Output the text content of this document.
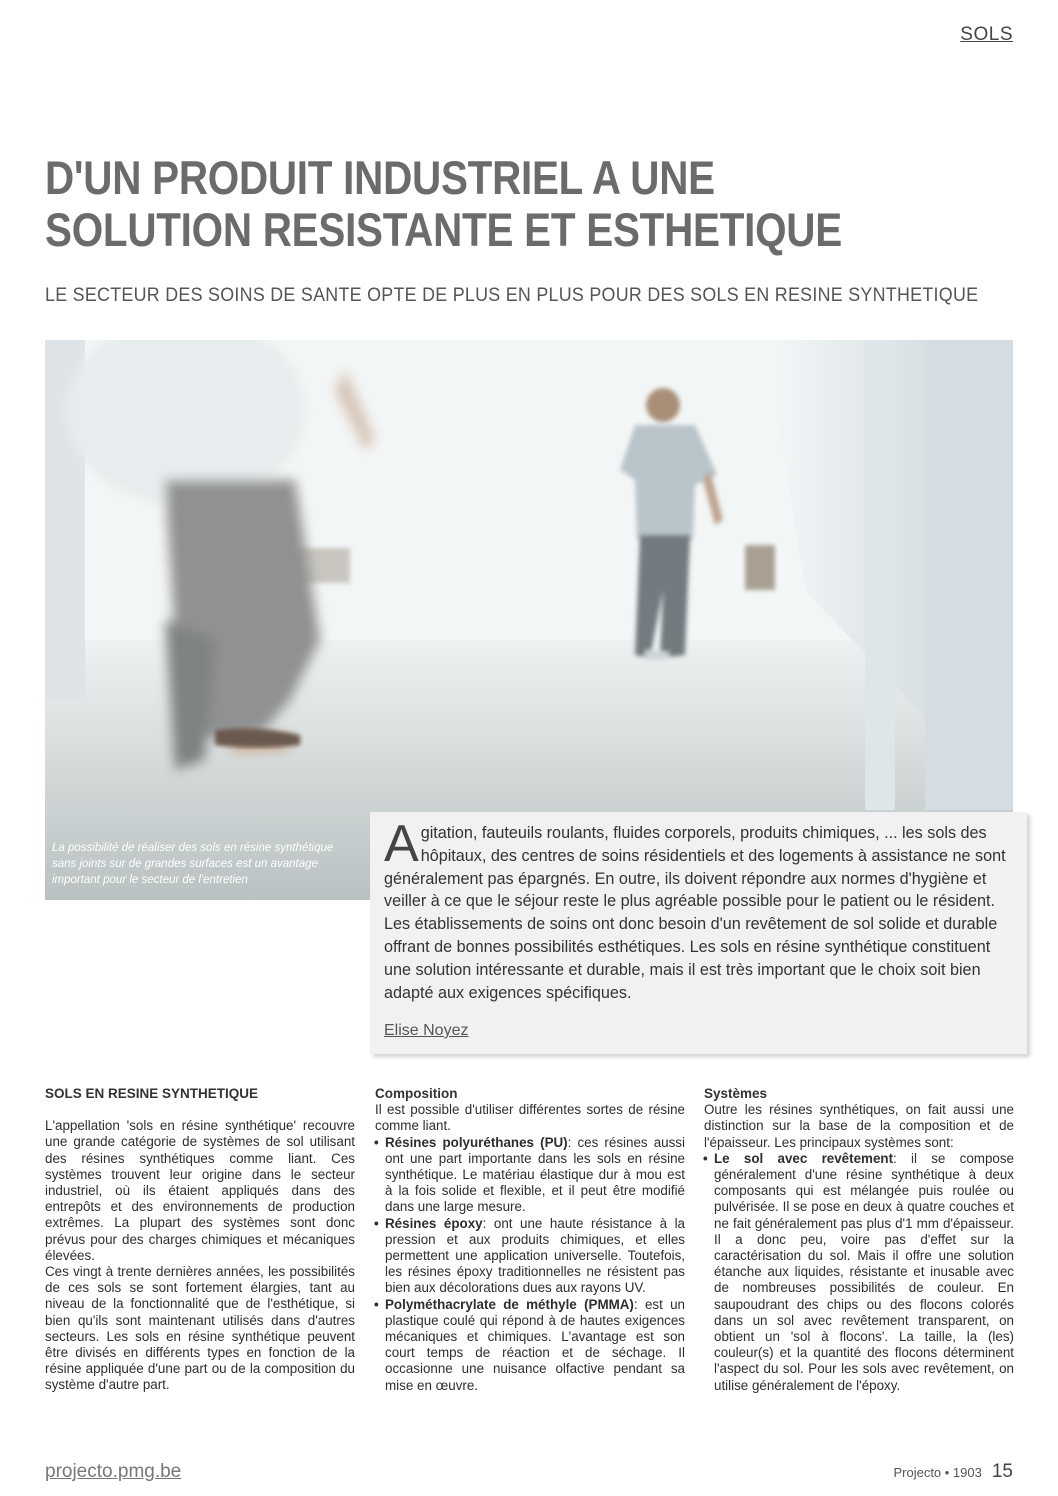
SOLS
D'UN PRODUIT INDUSTRIEL A UNE
SOLUTION RESISTANTE ET ESTHETIQUE
LE SECTEUR DES SOINS DE SANTE OPTE DE PLUS EN PLUS POUR DES SOLS EN RESINE SYNTHETIQUE
La possibilité de réaliser des sols en résine synthétique sans joints sur de grandes surfaces est un avantage important pour le secteur de l'entretien

Agitation, fauteuils roulants, fluides corporels, produits chimiques, ... les sols des hôpitaux, des centres de soins résidentiels et des logements à assistance ne sont généralement pas épargnés. En outre, ils doivent répondre aux normes d'hygiène et veiller à ce que le séjour reste le plus agréable possible pour le patient ou le résident. Les établissements de soins ont donc besoin d'un revêtement de sol solide et durable offrant de bonnes possibilités esthétiques. Les sols en résine synthétique constituent une solution intéressante et durable, mais il est très important que le choix soit bien adapté aux exigences spécifiques.

Elise Noyez
SOLS EN RESINE SYNTHETIQUE

L'appellation 'sols en résine synthétique' recouvre une grande catégorie de systèmes de sol utilisant des résines synthétiques comme liant. Ces systèmes trouvent leur origine dans le secteur industriel, où ils étaient appliqués dans des entrepôts et des environnements de production extrêmes. La plupart des systèmes sont donc prévus pour des charges chimiques et mécaniques élevées.

Ces vingt à trente dernières années, les possibilités de ces sols se sont fortement élargies, tant au niveau de la fonctionnalité que de l'esthétique, si bien qu'ils sont maintenant utilisés dans d'autres secteurs. Les sols en résine synthétique peuvent être divisés en différents types en fonction de la résine appliquée d'une part ou de la composition du système d'autre part.

Composition

Il est possible d'utiliser différentes sortes de résine comme liant.

• Résines polyuréthanes (PU): ces résines aussi ont une part importante dans les sols en résine synthétique. Le matériau élastique dur à mou est à la fois solide et flexible, et il peut être modifié dans une large mesure.

• Résines époxy: ont une haute résistance à la pression et aux produits chimiques, et elles permettent une application universelle. Toutefois, les résines époxy traditionnelles ne résistent pas bien aux décolorations dues aux rayons UV.

• Polyméthacrylate de méthyle (PMMA): est un plastique coulé qui répond à de hautes exigences mécaniques et chimiques. L'avantage est son court temps de réaction et de séchage. Il occasionne une nuisance olfactive pendant sa mise en œuvre.

Systèmes

Outre les résines synthétiques, on fait aussi une distinction sur la base de la composition et de l'épaisseur. Les principaux systèmes sont:

• Le sol avec revêtement: il se compose généralement d'une résine synthétique à deux composants qui est mélangée puis roulée ou pulvérisée. Il se pose en deux à quatre couches et ne fait généralement pas plus d'1 mm d'épaisseur. Il a donc peu, voire pas d'effet sur la caractérisation du sol. Mais il offre une solution étanche aux liquides, résistante et inusable avec de nombreuses possibilités de couleur. En saupoudrant des chips ou des flocons colorés dans un sol avec revêtement transparent, on obtient un 'sol à flocons'. La taille, la (les) couleur(s) et la quantité des flocons déterminent l'aspect du sol. Pour les sols avec revêtement, on utilise généralement de l'époxy.

projecto.pmg.be	Projecto • 1903 15
